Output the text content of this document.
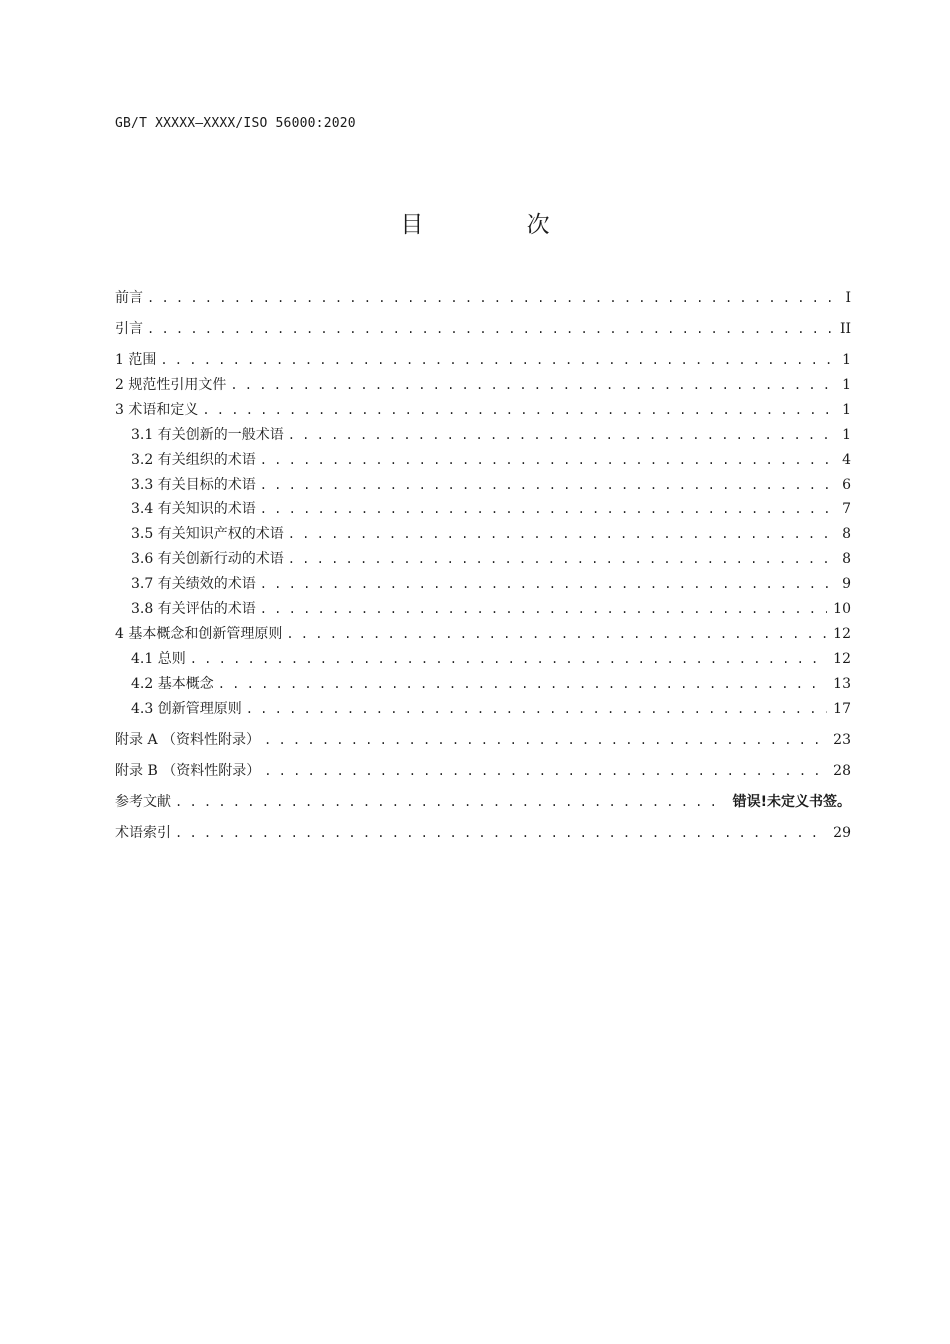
GB/T XXXXX—XXXX/ISO 56000:2020
目 次
前言 . . .	I
引言 . . .	II
1 范围 . . .	1
2 规范性引用文件 . . .	1
3 术语和定义 . . .	1
3.1 有关创新的一般术语 . . .	1
3.2 有关组织的术语 . . .	4
3.3 有关目标的术语 . . .	6
3.4 有关知识的术语 . . .	7
3.5 有关知识产权的术语 . . .	8
3.6 有关创新行动的术语 . . .	8
3.7 有关绩效的术语 . . .	9
3.8 有关评估的术语 . . .	10
4 基本概念和创新管理原则 . . .	12
4.1 总则 . . .	12
4.2 基本概念 . . .	13
4.3 创新管理原则 . . .	17
附录 A （资料性附录） . . .	23
附录 B （资料性附录） . . .	28
参考文献 . . .	错误!未定义书签。
术语索引 . . .	29
